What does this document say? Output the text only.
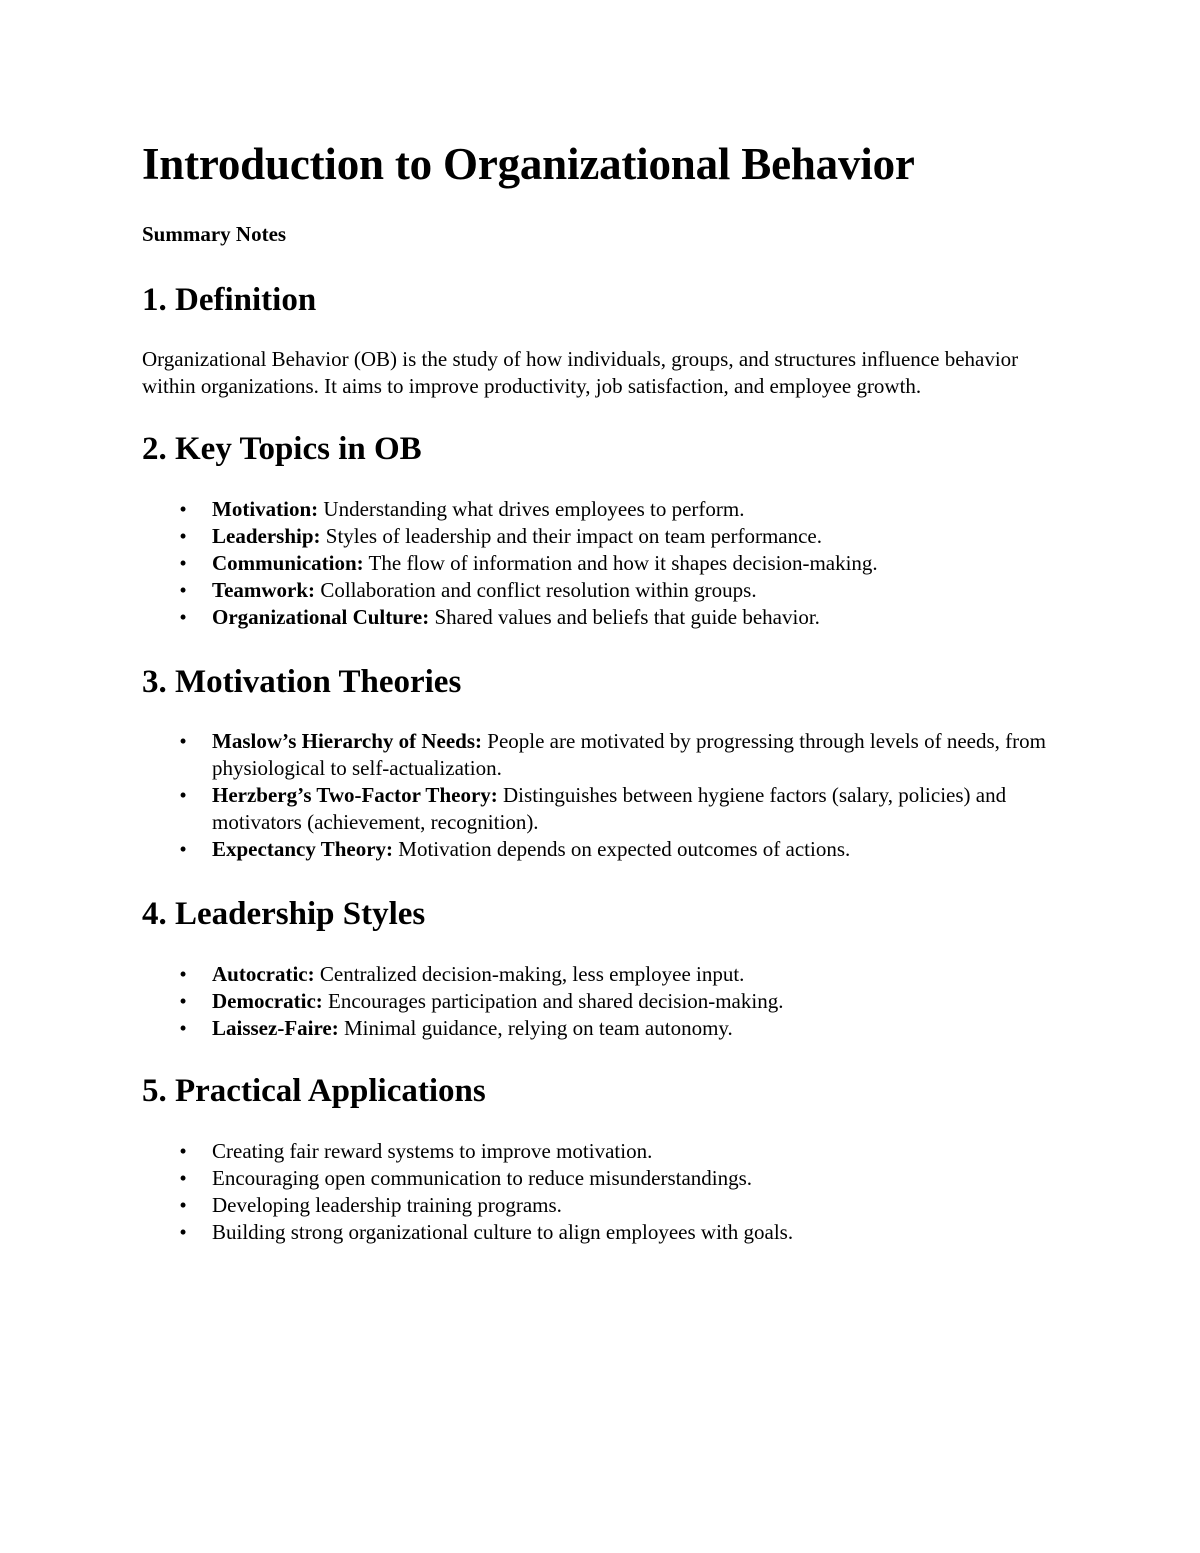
Introduction to Organizational Behavior

Summary Notes

1. Definition

Organizational Behavior (OB) is the study of how individuals, groups, and structures influence behavior within organizations. It aims to improve productivity, job satisfaction, and employee growth.

2. Key Topics in OB
• Motivation: Understanding what drives employees to perform.
• Leadership: Styles of leadership and their impact on team performance.
• Communication: The flow of information and how it shapes decision-making.
• Teamwork: Collaboration and conflict resolution within groups.
• Organizational Culture: Shared values and beliefs that guide behavior.
3. Motivation Theories
• Maslow’s Hierarchy of Needs: People are motivated by progressing through levels of needs, from physiological to self-actualization.
• Herzberg’s Two-Factor Theory: Distinguishes between hygiene factors (salary, policies) and motivators (achievement, recognition).
• Expectancy Theory: Motivation depends on expected outcomes of actions.
4. Leadership Styles
• Autocratic: Centralized decision-making, less employee input.
• Democratic: Encourages participation and shared decision-making.
• Laissez-Faire: Minimal guidance, relying on team autonomy.
5. Practical Applications
• Creating fair reward systems to improve motivation.
• Encouraging open communication to reduce misunderstandings.
• Developing leadership training programs.
• Building strong organizational culture to align employees with goals.
